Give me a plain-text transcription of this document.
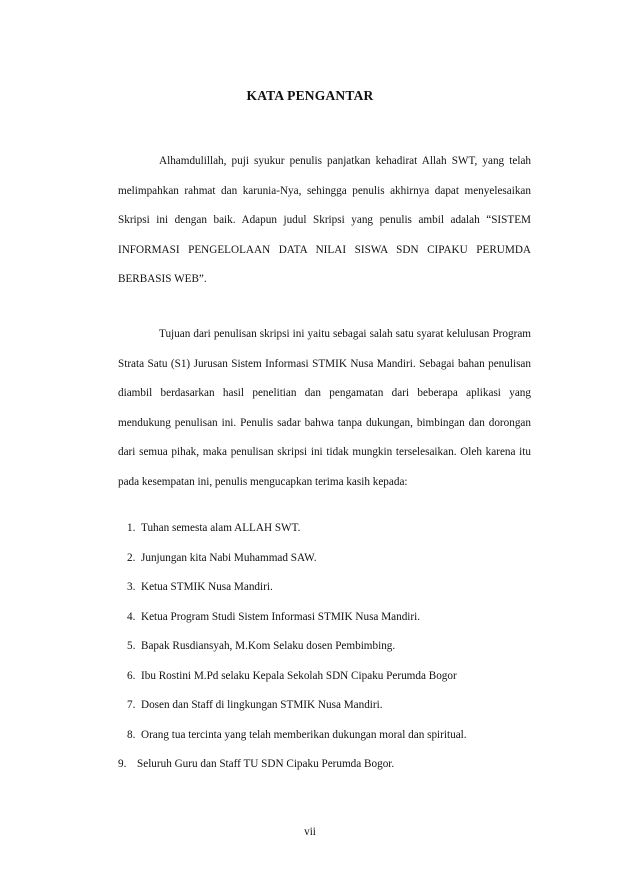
KATA PENGANTAR

Alhamdulillah, puji syukur penulis panjatkan kehadirat Allah SWT, yang telah melimpahkan rahmat dan karunia-Nya, sehingga penulis akhirnya dapat menyelesaikan Skripsi ini dengan baik. Adapun judul Skripsi yang penulis ambil adalah “SISTEM INFORMASI PENGELOLAAN DATA NILAI SISWA SDN CIPAKU PERUMDA BERBASIS WEB”.

Tujuan dari penulisan skripsi ini yaitu sebagai salah satu syarat kelulusan Program Strata Satu (S1) Jurusan Sistem Informasi STMIK Nusa Mandiri. Sebagai bahan penulisan diambil berdasarkan hasil penelitian dan pengamatan dari beberapa aplikasi yang mendukung penulisan ini. Penulis sadar bahwa tanpa dukungan, bimbingan dan dorongan dari semua pihak, maka penulisan skripsi ini tidak mungkin terselesaikan. Oleh karena itu pada kesempatan ini, penulis mengucapkan terima kasih kepada:

1. Tuhan semesta alam ALLAH SWT.
2. Junjungan kita Nabi Muhammad SAW.
3. Ketua STMIK Nusa Mandiri.
4. Ketua Program Studi Sistem Informasi STMIK Nusa Mandiri.
5. Bapak Rusdiansyah, M.Kom Selaku dosen Pembimbing.
6. Ibu Rostini M.Pd selaku Kepala Sekolah SDN Cipaku Perumda Bogor
7. Dosen dan Staff di lingkungan STMIK Nusa Mandiri.
8. Orang tua tercinta yang telah memberikan dukungan moral dan spiritual.
9. Seluruh Guru dan Staff TU SDN Cipaku Perumda Bogor.
vii
